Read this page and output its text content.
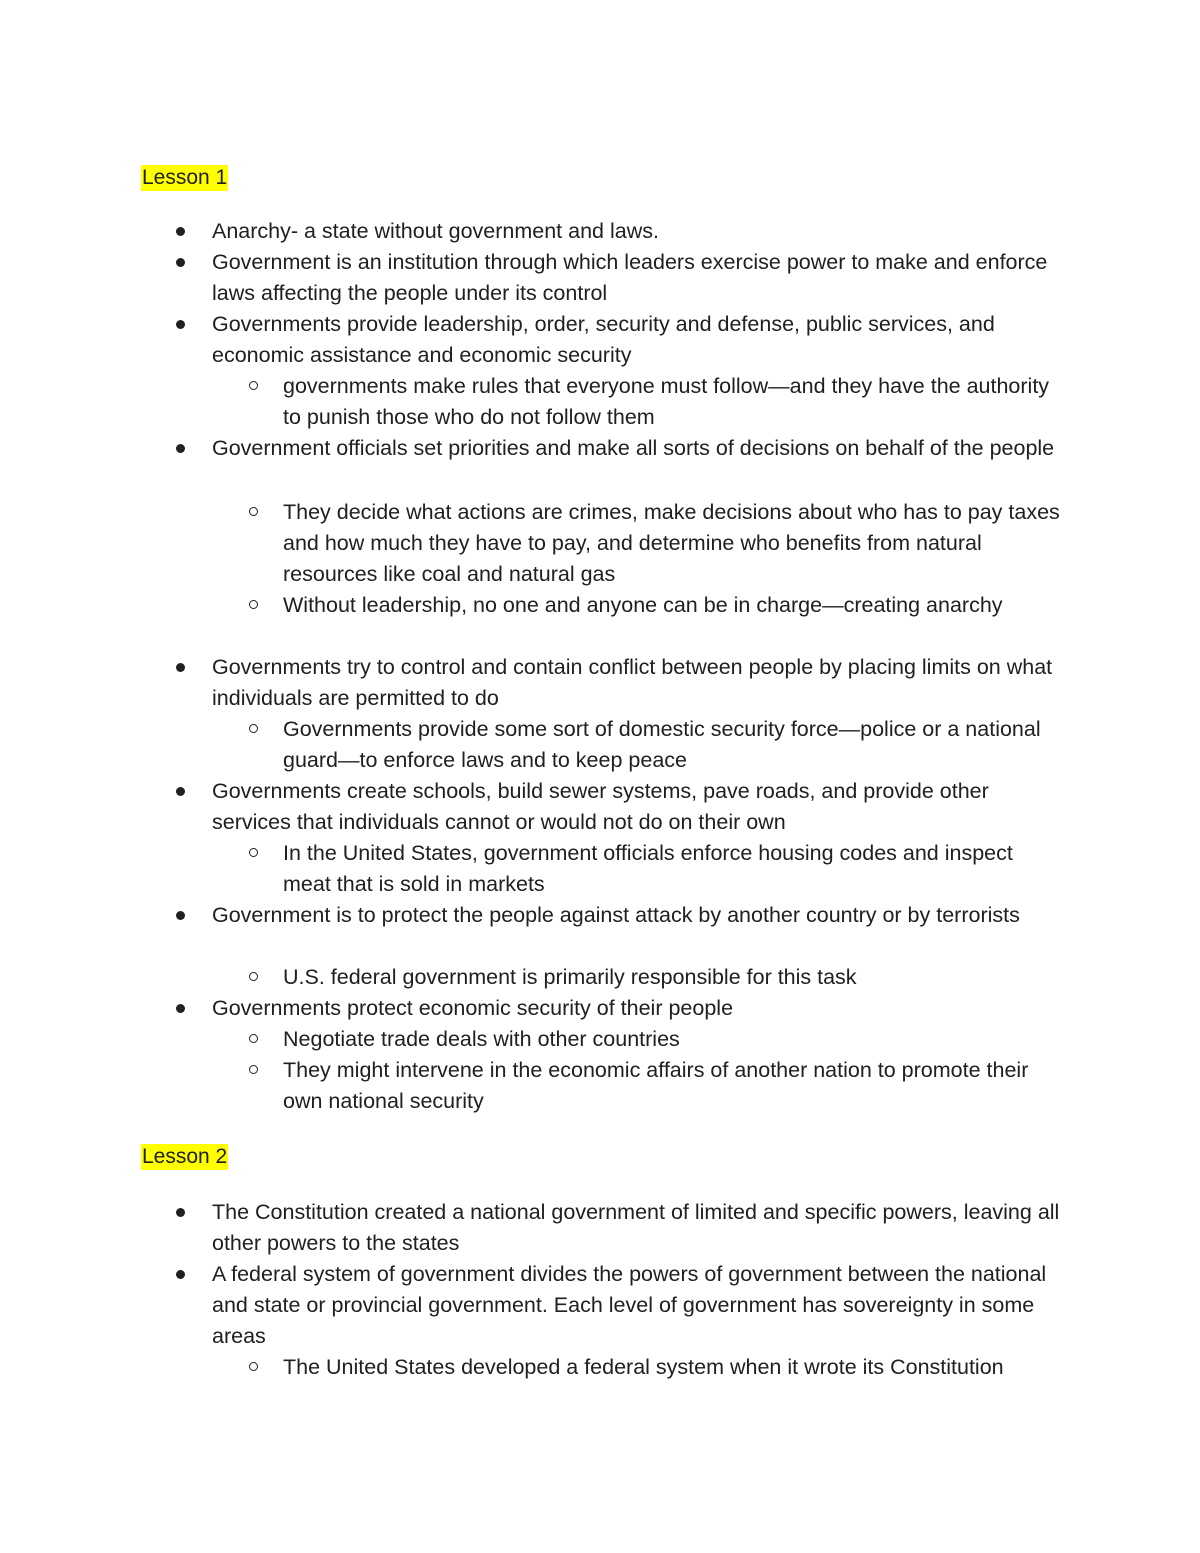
Lesson 1
Anarchy- a state without government and laws.
Government is an institution through which leaders exercise power to make and enforce laws affecting the people under its control
Governments provide leadership, order, security and defense, public services, and economic assistance and economic security
governments make rules that everyone must follow—and they have the authority to punish those who do not follow them
Government officials set priorities and make all sorts of decisions on behalf of the people
They decide what actions are crimes, make decisions about who has to pay taxes and how much they have to pay, and determine who benefits from natural resources like coal and natural gas
Without leadership, no one and anyone can be in charge—creating anarchy
Governments try to control and contain conflict between people by placing limits on what individuals are permitted to do
Governments provide some sort of domestic security force—police or a national guard—to enforce laws and to keep peace
Governments create schools, build sewer systems, pave roads, and provide other services that individuals cannot or would not do on their own
In the United States, government officials enforce housing codes and inspect meat that is sold in markets
Government is to protect the people against attack by another country or by terrorists
U.S. federal government is primarily responsible for this task
Governments protect economic security of their people
Negotiate trade deals with other countries
They might intervene in the economic affairs of another nation to promote their own national security
Lesson 2
The Constitution created a national government of limited and specific powers, leaving all other powers to the states
A federal system of government divides the powers of government between the national and state or provincial government. Each level of government has sovereignty in some areas
The United States developed a federal system when it wrote its Constitution
